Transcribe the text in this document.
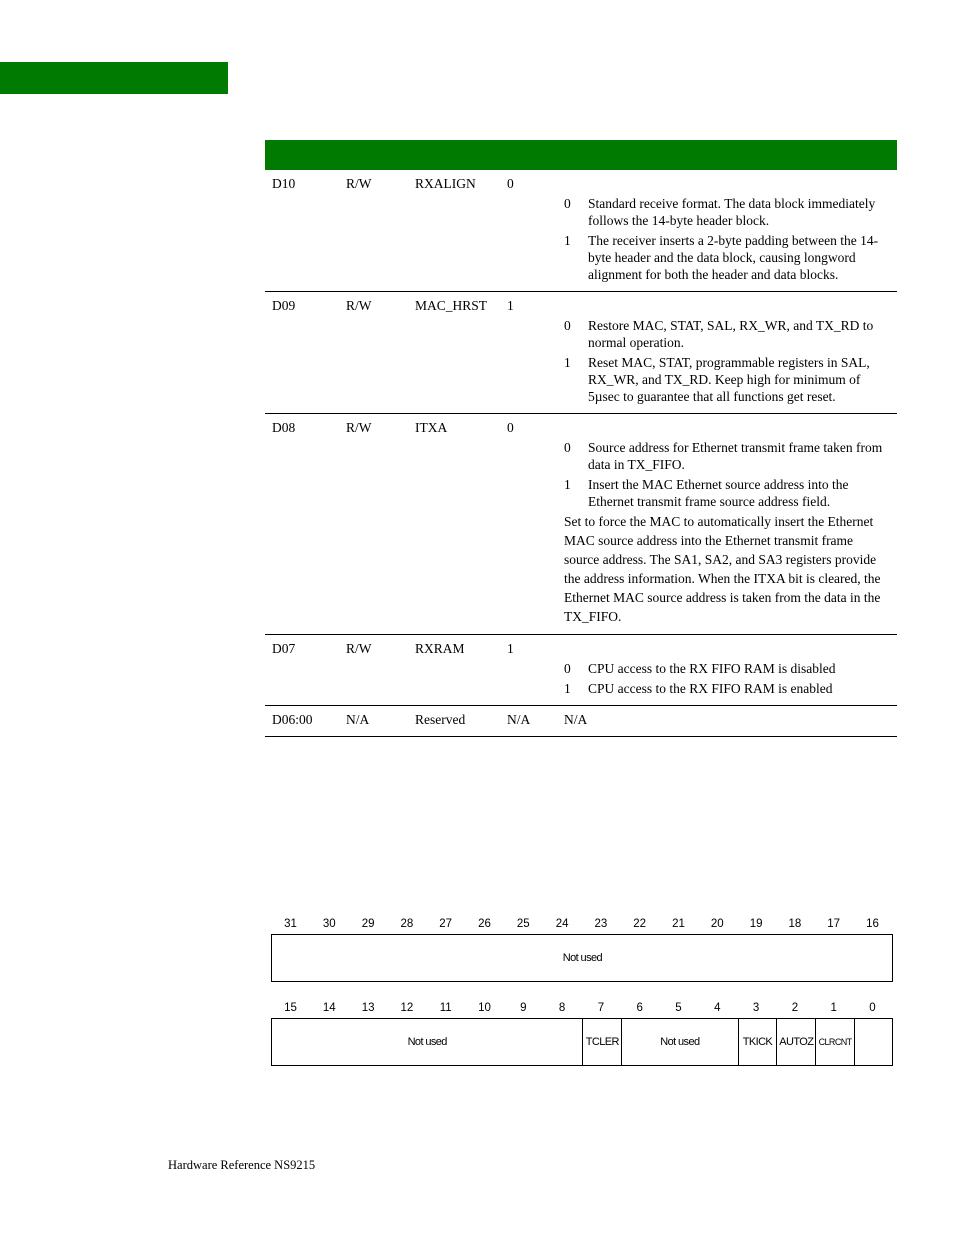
D10	R/W	RXALIGN 0
0	Standard receive format. The data block immediately
follows the 14-byte header block.
1	The receiver inserts a 2-byte padding between the 14-
byte header and the data block, causing longword
alignment for both the header and data blocks.
D09	R/W	MAC_HRST 1
0	Restore MAC, STAT, SAL, RX_WR, and TX_RD to
normal operation.
1	Reset MAC, STAT, programmable registers in SAL,
RX_WR, and TX_RD. Keep high for minimum of
5µsec to guarantee that all functions get reset.
D08	R/W	ITXA	0
0	Source address for Ethernet transmit frame taken from
data in TX_FIFO.
1	Insert the MAC Ethernet source address into the
Ethernet transmit frame source address field.
Set to force the MAC to automatically insert the Ethernet
MAC source address into the Ethernet transmit frame
source address. The SA1, SA2, and SA3 registers provide
the address information. When the ITXA bit is cleared, the
Ethernet MAC source address is taken from the data in the
TX_FIFO.
D07	R/W	RXRAM	1
0	CPU access to the RX FIFO RAM is disabled
1	CPU access to the RX FIFO RAM is enabled
D06:00 N/A	Reserved	N/A	N/A
31	30	29	28	27	26	25	24	23	22	21	20	19	18	17	16
Not used
15	14	13	12	11	10	9	8	7	6	5	4	3	2	1	0
Not used	TCLER	Not used	TKICK AUTOZ CLRCNT
Hardware Reference NS9215
